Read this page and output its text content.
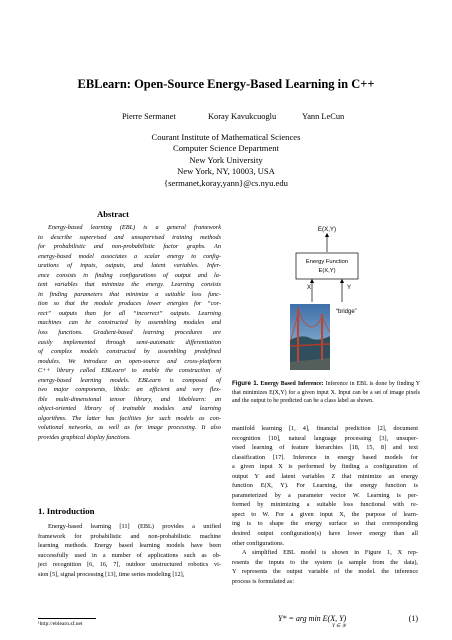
EBLearn: Open-Source Energy-Based Learning in C++
Pierre Sermanet	Koray Kavukcuoglu	Yann LeCun
Courant Institute of Mathematical Sciences
Computer Science Department
New York University
New York, NY, 10003, USA
{sermanet,koray,yann}@cs.nyu.edu
Abstract

Energy-based learning (EBL) is a general framework

to describe supervised and unsupervised training methods

for probabilistic and non-probabilistic factor graphs. An

energy-based model associates a scalar energy to config-

urations of inputs, outputs, and latent variables. Infer-

ence consists in finding configurations of output and la-

tent variables that minimize the energy. Learning consists

in finding parameters that minimize a suitable loss func-

tion so that the module produces lower energies for “cor-

rect” outputs than for all “incorrect” outputs. Learning

machines can be constructed by assembling modules and

loss functions. Gradient-based learning procedures are

easily implemented through semi-automatic differentiation

of complex models constructed by assembling predefined

modules. We introduce an open-source and cross-platform

C++ library called EBLearn¹ to enable the construction of

energy-based learning models. EBLearn is composed of

two major components, libidx: an efficient and very flex-

ible multi-dimensional tensor library, and libeblearn: an

object-oriented library of trainable modules and learning

algorithms. The latter has facilities for such models as con-

volutional networks, as well as for image processing. It also

provides graphical display functions.

1. Introduction

Energy-based learning [11] (EBL) provides a unified

framework for probabilistic and non-probabilistic machine

learning methods. Energy based learning models have been

successfully used in a number of applications such as ob-

ject recognition [6, 16, 7], outdoor unstructured robotics vi-

sion [5], signal processing [13], time series modeling [12],

¹http://eblearn.sf.net
E(X,Y)
Energy Function
E(X,Y)
X	Y
“bridge”
Figure 1. Energy Based Inference: Inference in EBL is done by finding Y that minimizes E(X,Y) for a given input X. Input can be a set of image pixels and the output to be predicted can be a class label as shown.

manifold learning [1, 4], financial prediction [2], document

recognition [10], natural language processing [3], unsuper-

vised learning of feature hierarchies [18, 15, 8] and text

classification [17]. Inference in energy based models for

a given input X is performed by finding a configuration of

output Y and latent variables Z that minimize an energy

function E(X, Y). For Learning, the energy function is

parameterized by a parameter vector W. Learning is per-

formed by minimizing a suitable loss functional with re-

spect to W. For a given input X, the purpose of learn-

ing is to shape the energy surface so that corresponding

desired output configuration(s) have lower energy than all

other configurations.

A simplified EBL model is shown in Figure 1, X rep-

resents the inputs to the system (a sample from the data),

Y represents the output variable of the model. the inference

process is formulated as:

Y* = arg min E(X, Y)
Y ∈ 𝒴
(1)
